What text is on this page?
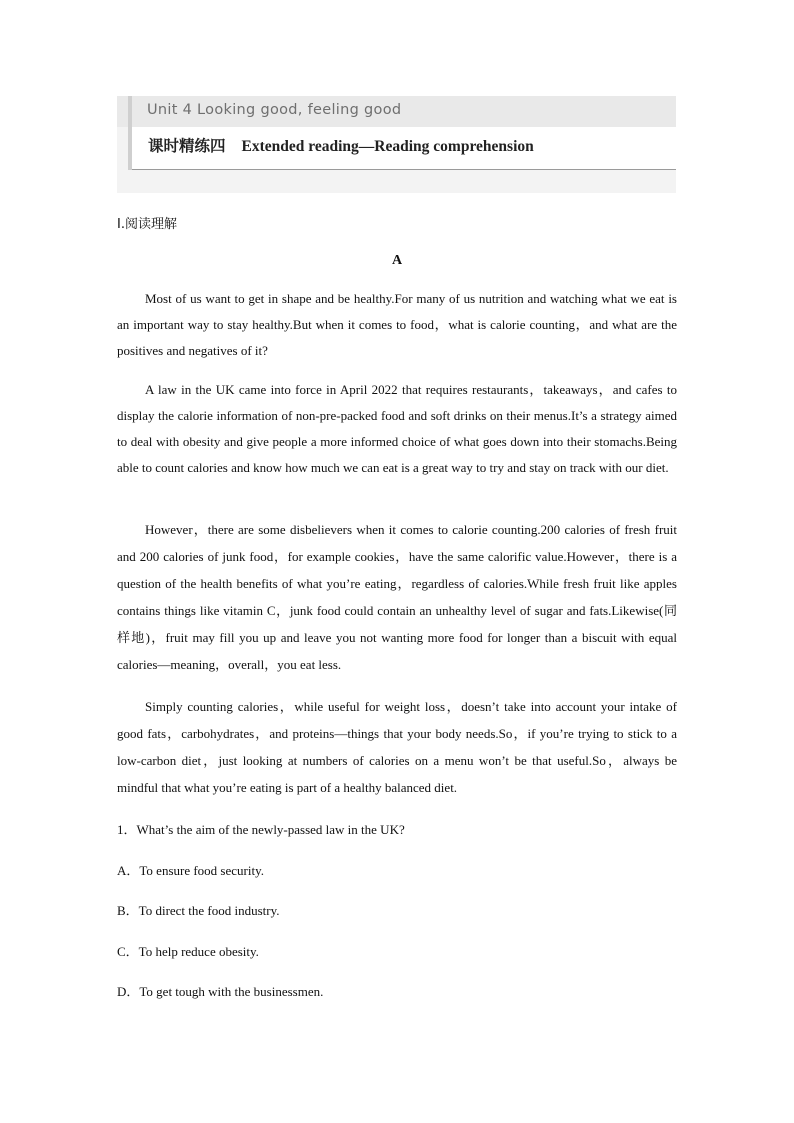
Unit 4 Looking good, feeling good
课时精练四 Extended reading—Reading comprehension
Ⅰ.阅读理解
A

Most of us want to get in shape and be healthy.For many of us nutrition and watching what we eat is an important way to stay healthy.But when it comes to food，what is calorie counting，and what are the positives and negatives of it?

A law in the UK came into force in April 2022 that requires restaurants，takeaways，and cafes to display the calorie information of non-pre-packed food and soft drinks on their menus.It’s a strategy aimed to deal with obesity and give people a more informed choice of what goes down into their stomachs.Being able to count calories and know how much we can eat is a great way to try and stay on track with our diet.

However，there are some disbelievers when it comes to calorie counting.200 calories of fresh fruit and 200 calories of junk food，for example cookies，have the same calorific value.However，there is a question of the health benefits of what you’re eating，regardless of calories.While fresh fruit like apples contains things like vitamin C，junk food could contain an unhealthy level of sugar and fats.Likewise(同样地)，fruit may fill you up and leave you not wanting more food for longer than a biscuit with equal calories—meaning，overall，you eat less.

Simply counting calories，while useful for weight loss，doesn’t take into account your intake of good fats，carbohydrates，and proteins—things that your body needs.So，if you’re trying to stick to a low-carbon diet，just looking at numbers of calories on a menu won’t be that useful.So，always be mindful that what you’re eating is part of a healthy balanced diet.

1．What’s the aim of the newly-passed law in the UK?
A．To ensure food security.
B．To direct the food industry.
C．To help reduce obesity.
D．To get tough with the businessmen.
